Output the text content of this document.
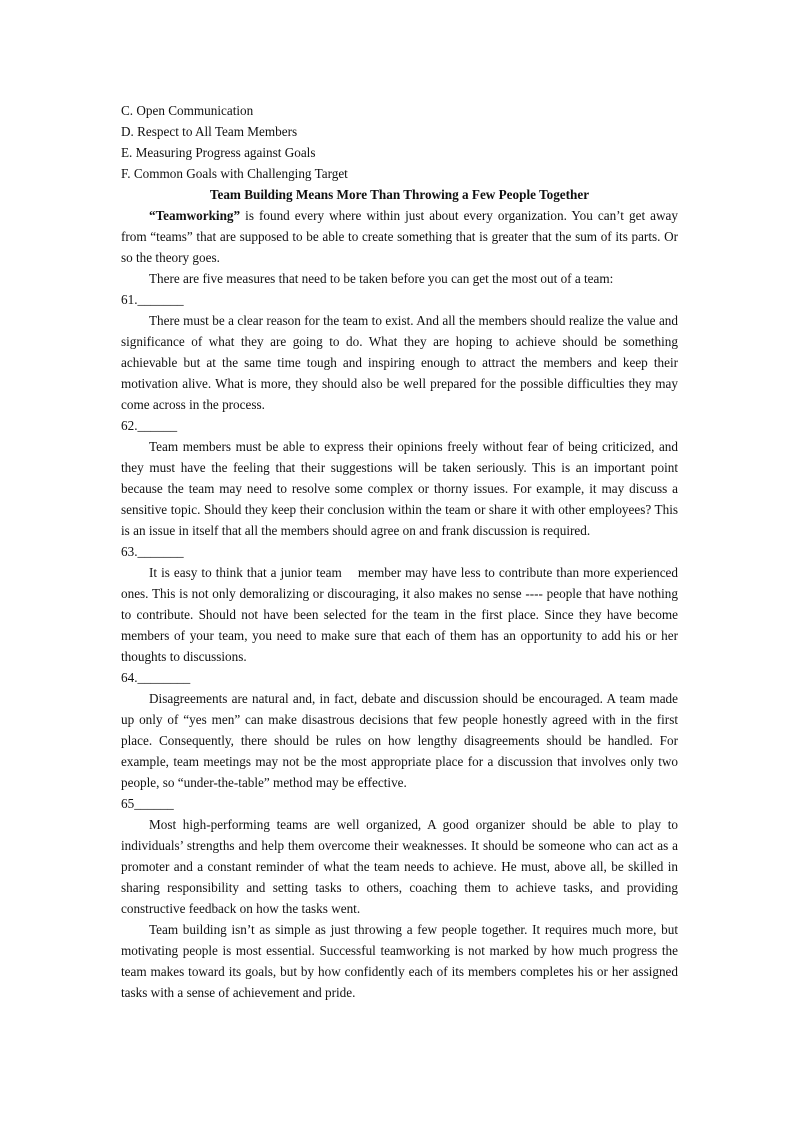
C. Open Communication

D. Respect to All Team Members

E. Measuring Progress against Goals

F. Common Goals with Challenging Target

Team Building Means More Than Throwing a Few People Together

“Teamworking” is found every where within just about every organization. You can’t get away from “teams” that are supposed to be able to create something that is greater that the sum of its parts. Or so the theory goes.

There are five measures that need to be taken before you can get the most out of a team:

61._______

There must be a clear reason for the team to exist. And all the members should realize the value and significance of what they are going to do. What they are hoping to achieve should be something achievable but at the same time tough and inspiring enough to attract the members and keep their motivation alive. What is more, they should also be well prepared for the possible difficulties they may come across in the process.

62.______

Team members must be able to express their opinions freely without fear of being criticized, and they must have the feeling that their suggestions will be taken seriously. This is an important point because the team may need to resolve some complex or thorny issues. For example, it may discuss a sensitive topic. Should they keep their conclusion within the team or share it with other employees? This is an issue in itself that all the members should agree on and frank discussion is required.

63._______

It is easy to think that a junior team    member may have less to contribute than more experienced ones. This is not only demoralizing or discouraging, it also makes no sense ---- people that have nothing to contribute. Should not have been selected for the team in the first place. Since they have become members of your team, you need to make sure that each of them has an opportunity to add his or her thoughts to discussions.

64.________

Disagreements are natural and, in fact, debate and discussion should be encouraged. A team made up only of “yes men” can make disastrous decisions that few people honestly agreed with in the first place. Consequently, there should be rules on how lengthy disagreements should be handled. For example, team meetings may not be the most appropriate place for a discussion that involves only two people, so “under-the-table” method may be effective.

65______

Most high-performing teams are well organized, A good organizer should be able to play to individuals’ strengths and help them overcome their weaknesses. It should be someone who can act as a promoter and a constant reminder of what the team needs to achieve. He must, above all, be skilled in sharing responsibility and setting tasks to others, coaching them to achieve tasks, and providing constructive feedback on how the tasks went.

Team building isn’t as simple as just throwing a few people together. It requires much more, but motivating people is most essential. Successful teamworking is not marked by how much progress the team makes toward its goals, but by how confidently each of its members completes his or her assigned tasks with a sense of achievement and pride.
